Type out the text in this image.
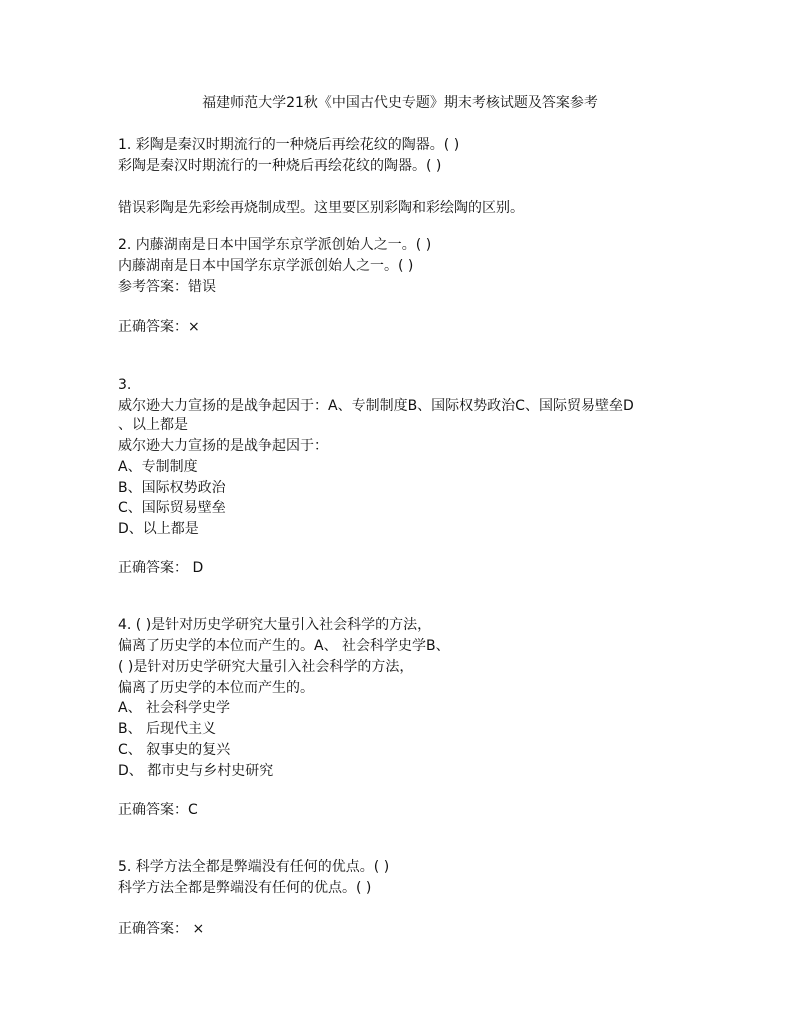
福建师范大学21秋《中国古代史专题》期末考核试题及答案参考
1. 彩陶是秦汉时期流行的一种烧后再绘花纹的陶器。( )
彩陶是秦汉时期流行的一种烧后再绘花纹的陶器。( )
错误彩陶是先彩绘再烧制成型。这里要区别彩陶和彩绘陶的区别。
2. 内藤湖南是日本中国学东京学派创始人之一。( )
内藤湖南是日本中国学东京学派创始人之一。( )
参考答案：错误
正确答案：×
3.
威尔逊大力宣扬的是战争起因于：A、专制制度B、国际权势政治C、国际贸易壁垒D
、以上都是
威尔逊大力宣扬的是战争起因于：
A、专制制度
B、国际权势政治
C、国际贸易壁垒
D、以上都是
正确答案： D
4. ( )是针对历史学研究大量引入社会科学的方法，
偏离了历史学的本位而产生的。A、 社会科学史学B、
( )是针对历史学研究大量引入社会科学的方法，
偏离了历史学的本位而产生的。
A、 社会科学史学
B、 后现代主义
C、 叙事史的复兴
D、 都市史与乡村史研究
正确答案：C
5. 科学方法全都是弊端没有任何的优点。( )
科学方法全都是弊端没有任何的优点。( )
正确答案： ×
